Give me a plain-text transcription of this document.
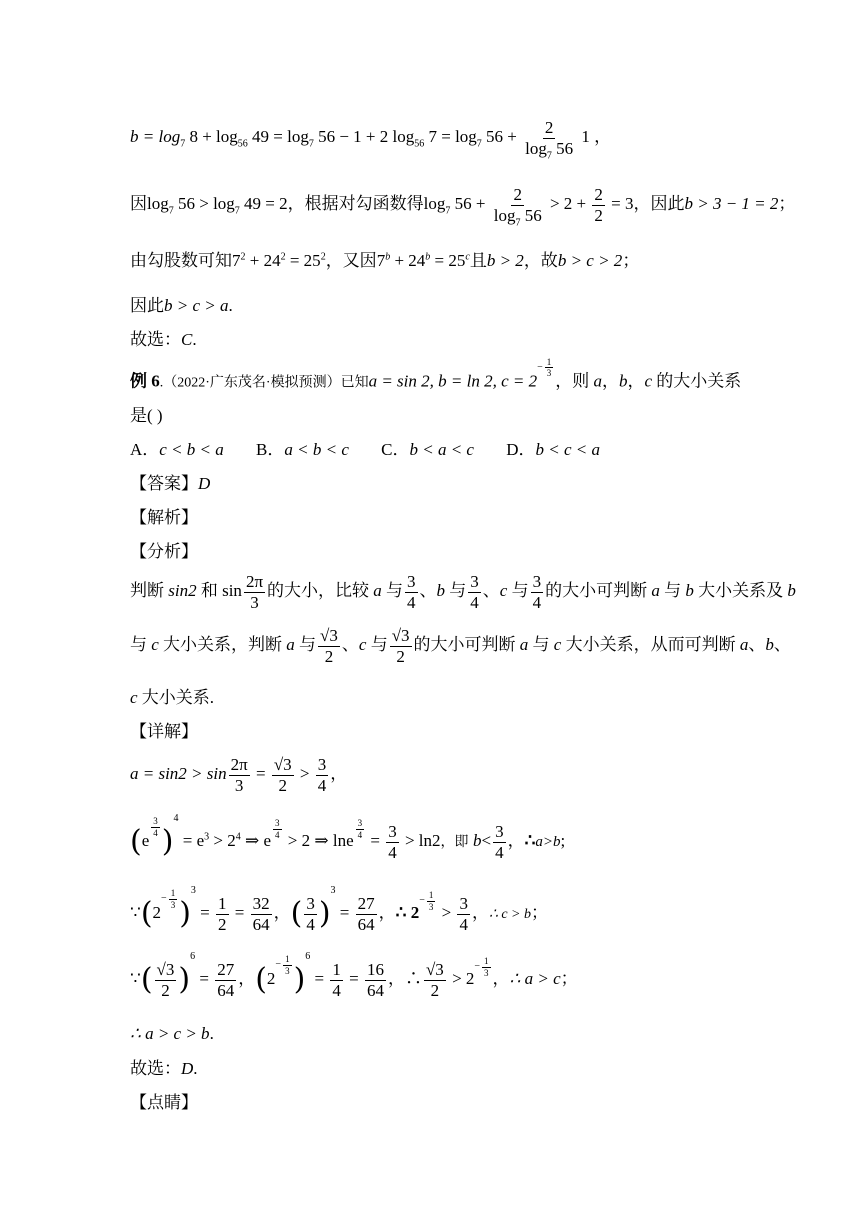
$b = \log_7 8 + \log_{56} 49 = \log_7 56 - 1 + 2$ $\log_{56} 7 = \log_7 56 + \frac{2}{\log_7 56} 1$ ，
因$\log_7 56 > \log_7 49 = 2$，根据对勾函数得$\log_7 56 + \frac{2}{\log_7 56} > 2 + \frac{2}{2} = 3$，因此b > 3 − 1 = 2；
由勾股数可知$7^2 + 24^2 = 25^2$，又因$7^b + 24^b = 25^c$且b > 2，故b > c > 2；
因此b > c > a.
故选：C.
例 6.（2022·广东茂名·模拟预测）已知a = sin 2, b = ln 2, c = 2
$^{- \frac{1}{3}}$
，则 a，b，c 的大小关系
是( )
A．c < b < a B．a < b < c C．b < a < c D．b < c < a
【答案】D
【解析】
【分析】
判断 sin2 和 $\sin \frac{2\pi}{3}$ 的大小，比较 a 与 $\frac{3}{4}$ 、b 与 $\frac{3}{4}$ 、c 与 $\frac{3}{4}$ 的大小可判断 a 与 b 大小关系及 b
与 c 大小关系，判断 a 与 $\frac{√3}{2}$ 、c 与 $\frac{√3}{2}$ 的大小可判断 a 与 c 大小关系，从而可判断 a、b、
c 大小关系.
【详解】
$a = \sin 2 > \sin \frac{2\pi}{3} = \frac{√3}{2} > \frac{3}{4}$ ，
(e
$^{\frac{3}{4}}$ )$^4 = e^3 > 2^4$ ⇒ e
$^{\frac{3}{4}}$
> 2 ⇒ lne
$^{\frac{3}{4}}$
= $\frac{3}{4} > \ln 2$，即 $b< \frac{3}{4}$ ，∴a>b;
∵(2
$^{- \frac{1}{3}}$ )$^3 = \frac{1}{2} = \frac{32}{64}$ ，( $\frac{3}{4} )^3 = \frac{27}{64}$ ，∴ 2
$^{- \frac{1}{3}}$
> $\frac{3}{4}$ ，∴ c > b；
∵( $\frac{√3}{2} )^6 = \frac{27}{64}$ ，(2
$^{- \frac{1}{3}}$ )$^6 = \frac{1}{4} = \frac{16}{64}$ ，∴ $\frac{√3}{2} > 2$
$^{- \frac{1}{3}}$
，∴ a > c；
∴ a > c > b.
故选：D.
【点睛】
